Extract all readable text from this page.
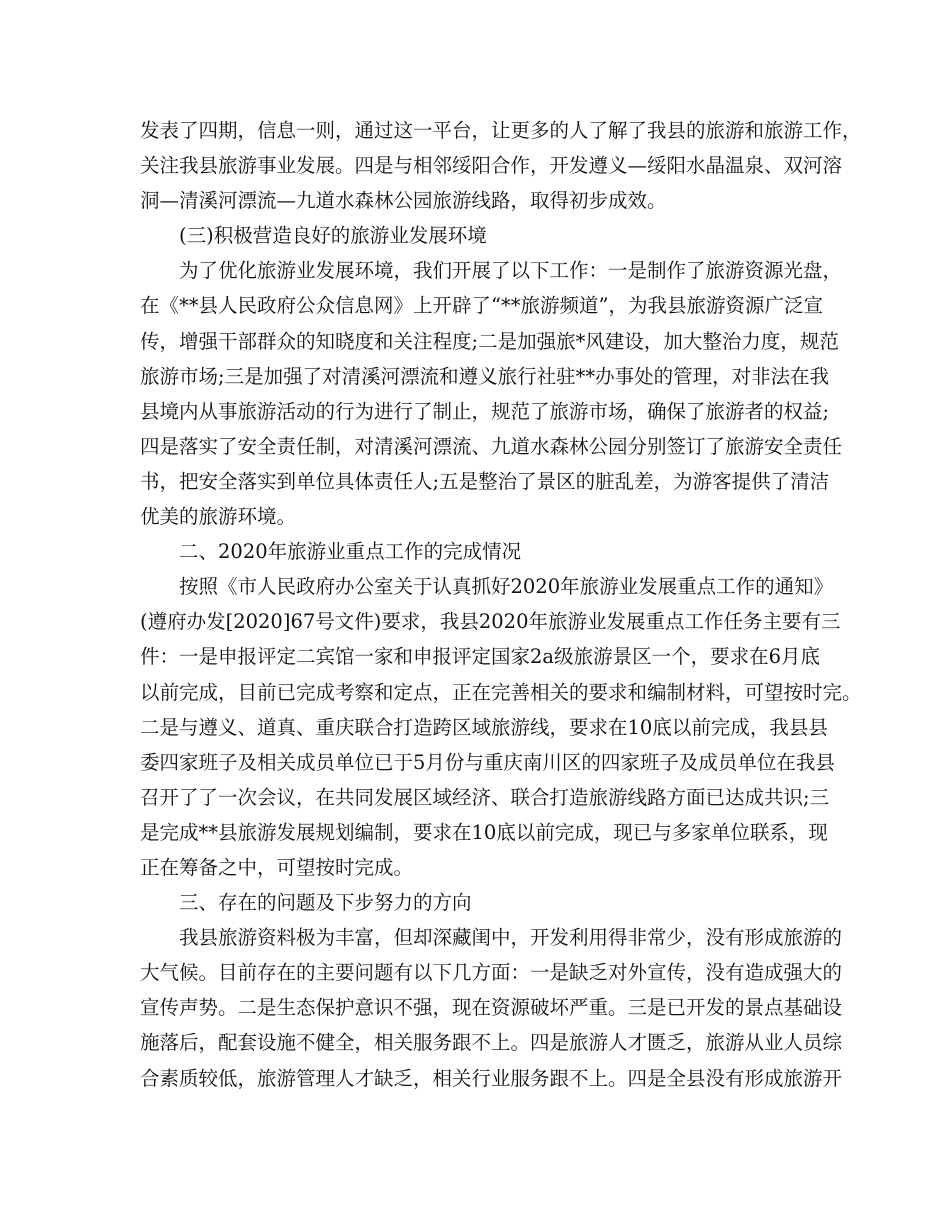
发表了四期，信息一则，通过这一平台，让更多的人了解了我县的旅游和旅游工作，
关注我县旅游事业发展。四是与相邻绥阳合作，开发遵义—绥阳水晶温泉、双河溶
洞—清溪河漂流—九道水森林公园旅游线路，取得初步成效。
(三)积极营造良好的旅游业发展环境
为了优化旅游业发展环境，我们开展了以下工作：一是制作了旅游资源光盘，
在《**县人民政府公众信息网》上开辟了“**旅游频道”，为我县旅游资源广泛宣
传，增强干部群众的知晓度和关注程度;二是加强旅*风建设，加大整治力度，规范
旅游市场;三是加强了对清溪河漂流和遵义旅行社驻**办事处的管理，对非法在我
县境内从事旅游活动的行为进行了制止，规范了旅游市场，确保了旅游者的权益;
四是落实了安全责任制，对清溪河漂流、九道水森林公园分别签订了旅游安全责任
书，把安全落实到单位具体责任人;五是整治了景区的脏乱差，为游客提供了清洁
优美的旅游环境。
二、2020年旅游业重点工作的完成情况
按照《市人民政府办公室关于认真抓好2020年旅游业发展重点工作的通知》
(遵府办发[2020]67号文件)要求，我县2020年旅游业发展重点工作任务主要有三
件：一是申报评定二宾馆一家和申报评定国家2a级旅游景区一个，要求在6月底
以前完成，目前已完成考察和定点，正在完善相关的要求和编制材料，可望按时完。
二是与遵义、道真、重庆联合打造跨区域旅游线，要求在10底以前完成，我县县
委四家班子及相关成员单位已于5月份与重庆南川区的四家班子及成员单位在我县
召开了了一次会议，在共同发展区域经济、联合打造旅游线路方面已达成共识;三
是完成**县旅游发展规划编制，要求在10底以前完成，现已与多家单位联系，现
正在筹备之中，可望按时完成。
三、存在的问题及下步努力的方向
我县旅游资料极为丰富，但却深藏闺中，开发利用得非常少，没有形成旅游的
大气候。目前存在的主要问题有以下几方面：一是缺乏对外宣传，没有造成强大的
宣传声势。二是生态保护意识不强，现在资源破坏严重。三是已开发的景点基础设
施落后，配套设施不健全，相关服务跟不上。四是旅游人才匮乏，旅游从业人员综
合素质较低，旅游管理人才缺乏，相关行业服务跟不上。四是全县没有形成旅游开
